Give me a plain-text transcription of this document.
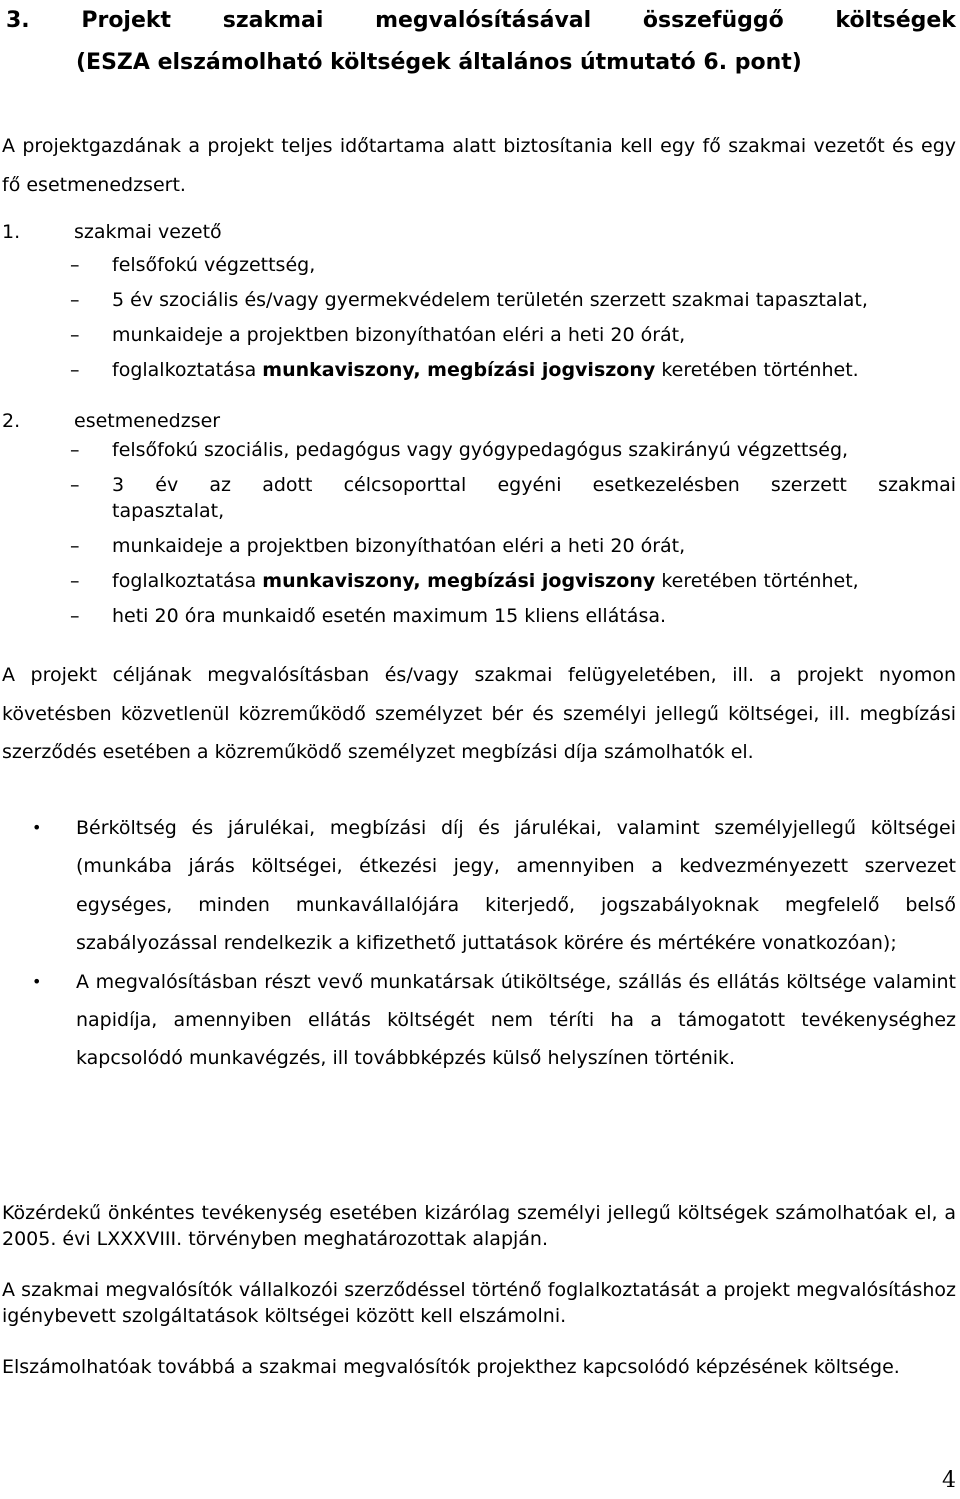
3. Projekt szakmai megvalósításával összefüggő költségek
(ESZA elszámolható költségek általános útmutató 6. pont)

A projektgazdának a projekt teljes időtartama alatt biztosítania kell egy fő szakmai vezetőt és egy fő esetmenedzsert.

1.	szakmai vezető

–	felsőfokú végzettség,
–	5 év szociális és/vagy gyermekvédelem területén szerzett szakmai tapasztalat,
–	munkaideje a projektben bizonyíthatóan eléri a heti 20 órát,
–	foglalkoztatása munkaviszony, megbízási jogviszony keretében történhet.

2.	esetmenedzser

–	felsőfokú szociális, pedagógus vagy gyógypedagógus szakirányú végzettség,
–	3 év az adott célcsoporttal egyéni esetkezelésben szerzett szakmai tapasztalat,
–	munkaideje a projektben bizonyíthatóan eléri a heti 20 órát,
–	foglalkoztatása munkaviszony, megbízási jogviszony keretében történhet,
–	heti 20 óra munkaidő esetén maximum 15 kliens ellátása.

A projekt céljának megvalósításban és/vagy szakmai felügyeletében, ill. a projekt nyomon követésben közvetlenül közreműködő személyzet bér és személyi jellegű költségei, ill. megbízási szerződés esetében a közreműködő személyzet megbízási díja számolhatók el.

• Bérköltség és járulékai, megbízási díj és járulékai, valamint személyjellegű költségei (munkába járás költségei, étkezési jegy, amennyiben a kedvezményezett szervezet egységes, minden munkavállalójára kiterjedő, jogszabályoknak megfelelő belső szabályozással rendelkezik a kifizethető juttatások körére és mértékére vonatkozóan);
• A megvalósításban részt vevő munkatársak útiköltsége, szállás és ellátás költsége valamint napidíja, amennyiben ellátás költségét nem téríti ha a támogatott tevékenységhez kapcsolódó munkavégzés, ill továbbképzés külső helyszínen történik.

Közérdekű önkéntes tevékenység esetében kizárólag személyi jellegű költségek számolhatóak el, a 2005. évi LXXXVIII. törvényben meghatározottak alapján.

A szakmai megvalósítók vállalkozói szerződéssel történő foglalkoztatását a projekt megvalósításhoz igénybevett szolgáltatások költségei között kell elszámolni.

Elszámolhatóak továbbá a szakmai megvalósítók projekthez kapcsolódó képzésének költsége.

4
